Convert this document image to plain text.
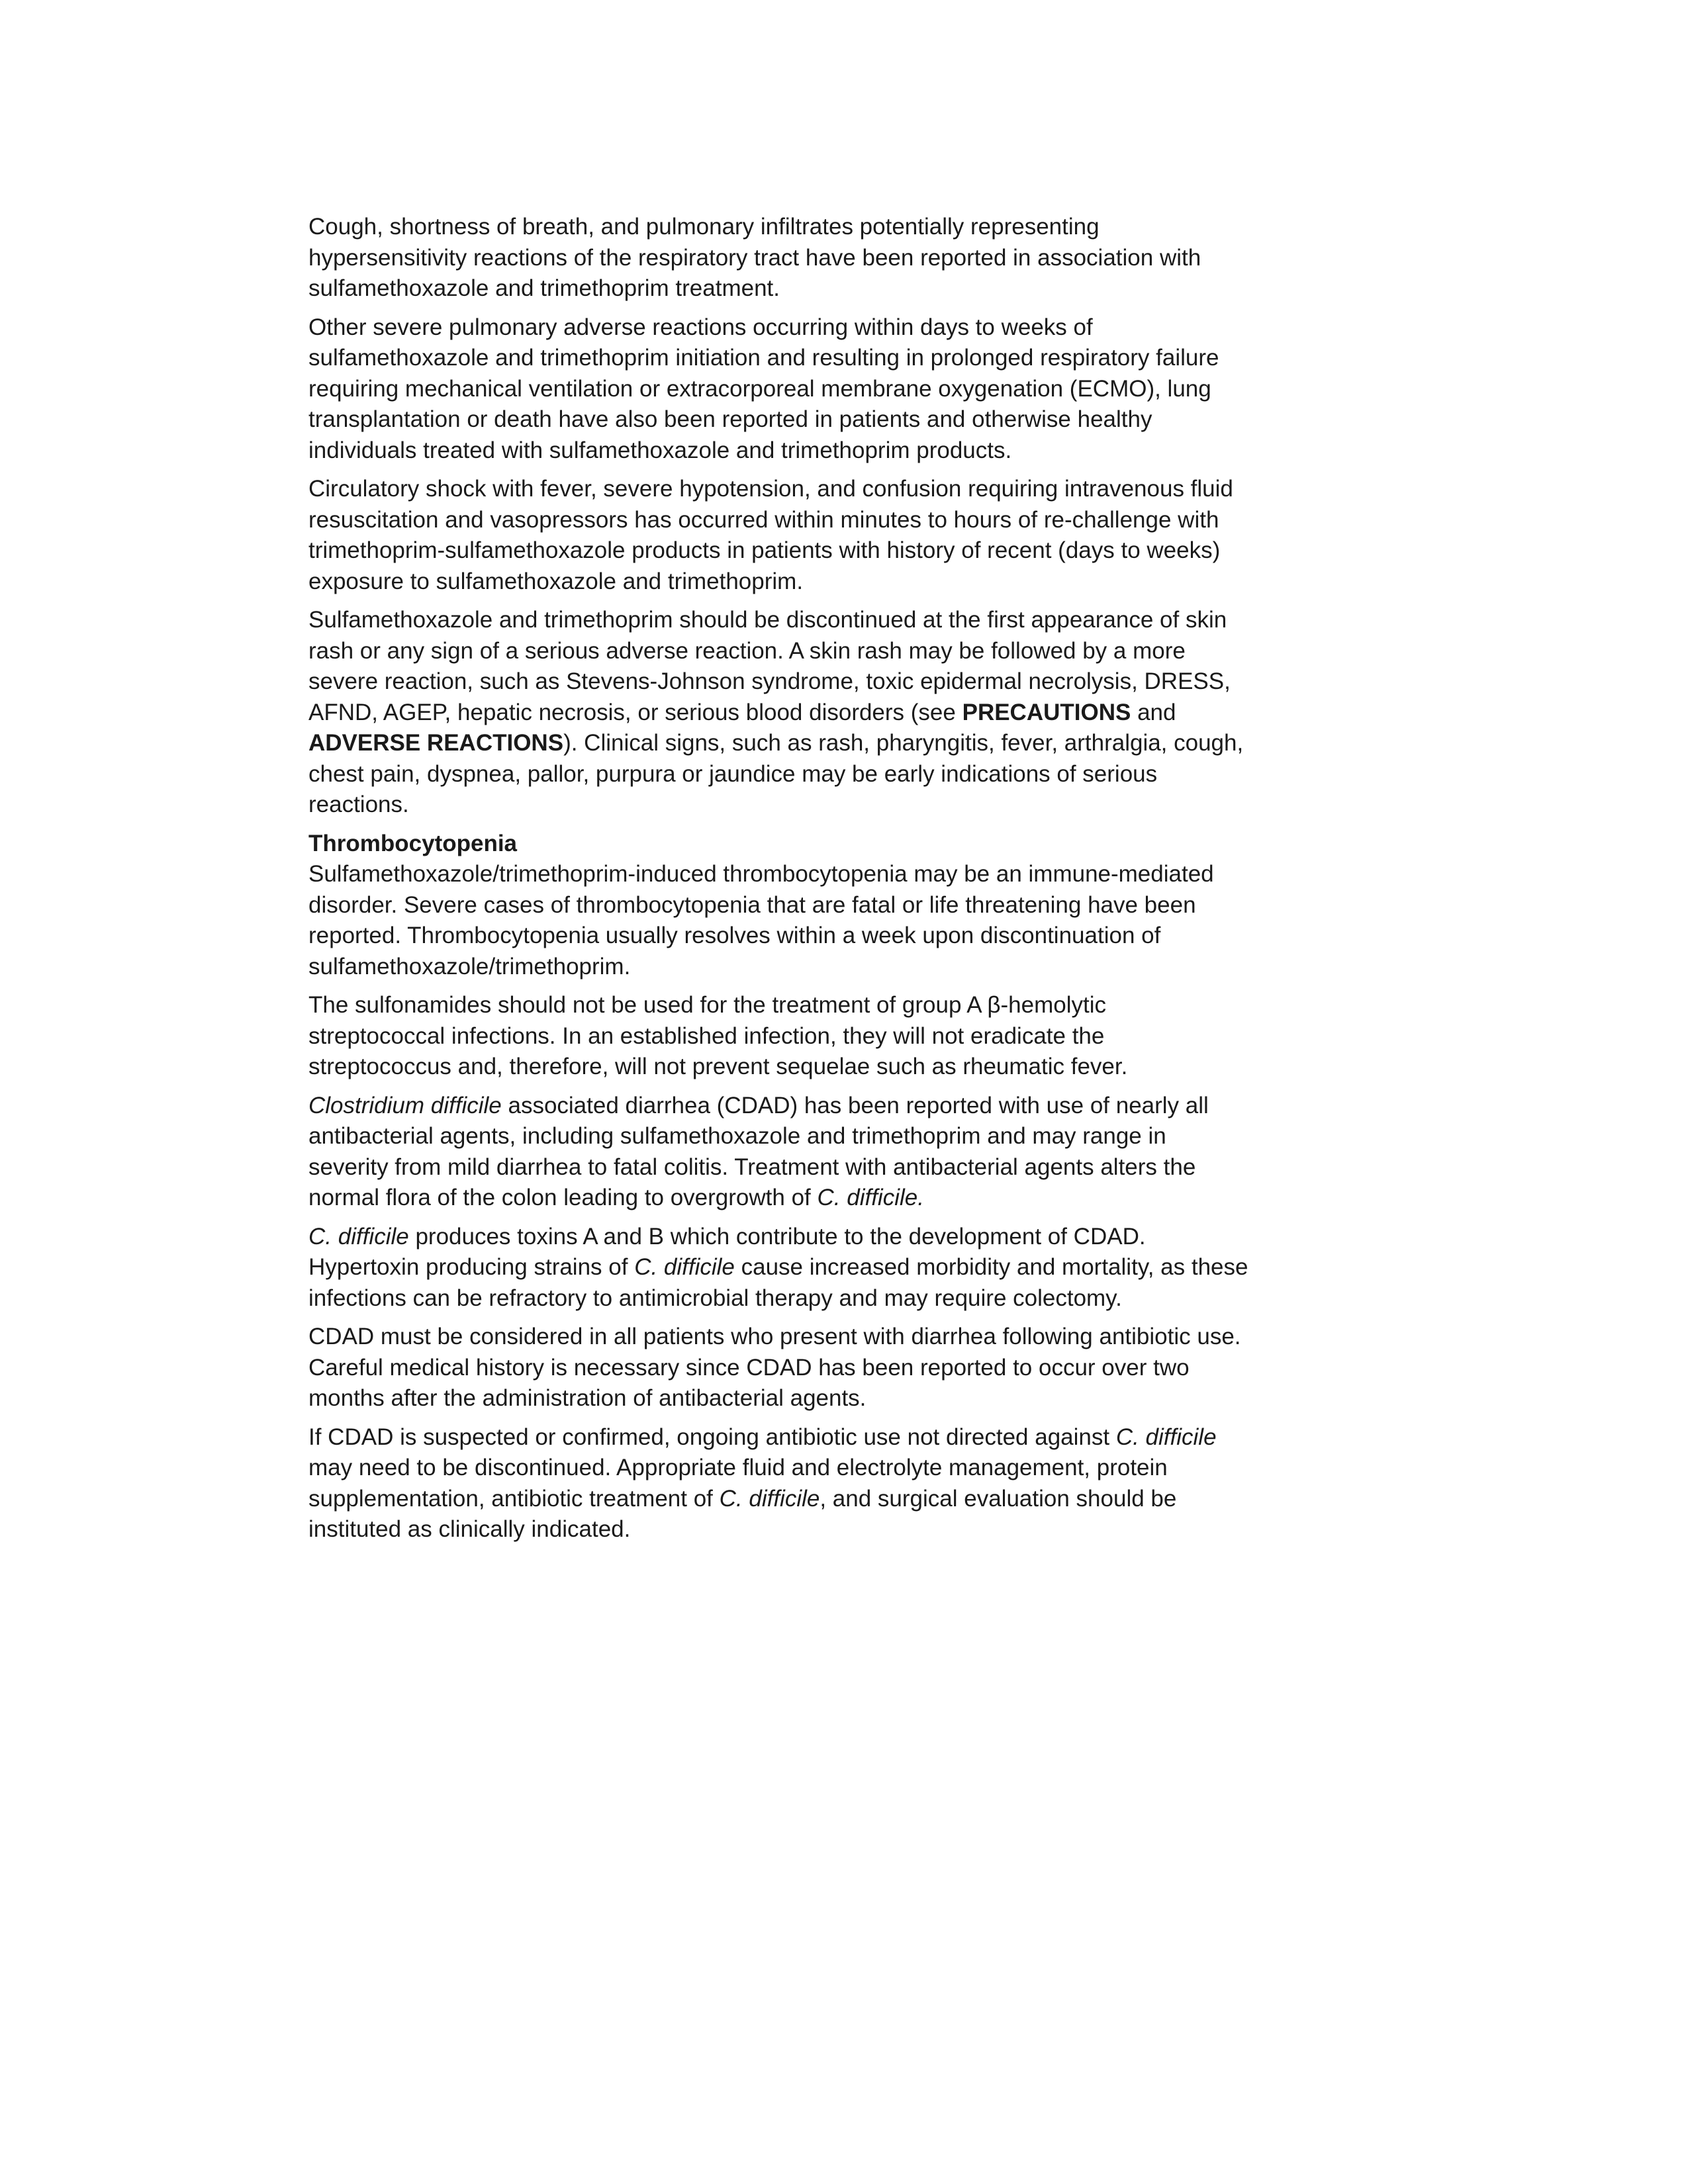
Cough, shortness of breath, and pulmonary infiltrates potentially representing hypersensitivity reactions of the respiratory tract have been reported in association with sulfamethoxazole and trimethoprim treatment.

Other severe pulmonary adverse reactions occurring within days to weeks of sulfamethoxazole and trimethoprim initiation and resulting in prolonged respiratory failure requiring mechanical ventilation or extracorporeal membrane oxygenation (ECMO), lung transplantation or death have also been reported in patients and otherwise healthy individuals treated with sulfamethoxazole and trimethoprim products.

Circulatory shock with fever, severe hypotension, and confusion requiring intravenous fluid resuscitation and vasopressors has occurred within minutes to hours of re-challenge with trimethoprim-sulfamethoxazole products in patients with history of recent (days to weeks) exposure to sulfamethoxazole and trimethoprim.

Sulfamethoxazole and trimethoprim should be discontinued at the first appearance of skin rash or any sign of a serious adverse reaction. A skin rash may be followed by a more severe reaction, such as Stevens-Johnson syndrome, toxic epidermal necrolysis, DRESS, AFND, AGEP, hepatic necrosis, or serious blood disorders (see PRECAUTIONS and ADVERSE REACTIONS). Clinical signs, such as rash, pharyngitis, fever, arthralgia, cough, chest pain, dyspnea, pallor, purpura or jaundice may be early indications of serious reactions.

Thrombocytopenia

Sulfamethoxazole/trimethoprim-induced thrombocytopenia may be an immune-mediated disorder. Severe cases of thrombocytopenia that are fatal or life threatening have been reported. Thrombocytopenia usually resolves within a week upon discontinuation of sulfamethoxazole/trimethoprim.

The sulfonamides should not be used for the treatment of group A β-hemolytic streptococcal infections. In an established infection, they will not eradicate the streptococcus and, therefore, will not prevent sequelae such as rheumatic fever.

Clostridium difficile associated diarrhea (CDAD) has been reported with use of nearly all antibacterial agents, including sulfamethoxazole and trimethoprim and may range in severity from mild diarrhea to fatal colitis. Treatment with antibacterial agents alters the normal flora of the colon leading to overgrowth of C. difficile.

C. difficile produces toxins A and B which contribute to the development of CDAD. Hypertoxin producing strains of C. difficile cause increased morbidity and mortality, as these infections can be refractory to antimicrobial therapy and may require colectomy.

CDAD must be considered in all patients who present with diarrhea following antibiotic use. Careful medical history is necessary since CDAD has been reported to occur over two months after the administration of antibacterial agents.

If CDAD is suspected or confirmed, ongoing antibiotic use not directed against C. difficile may need to be discontinued. Appropriate fluid and electrolyte management, protein supplementation, antibiotic treatment of C. difficile, and surgical evaluation should be instituted as clinically indicated.
